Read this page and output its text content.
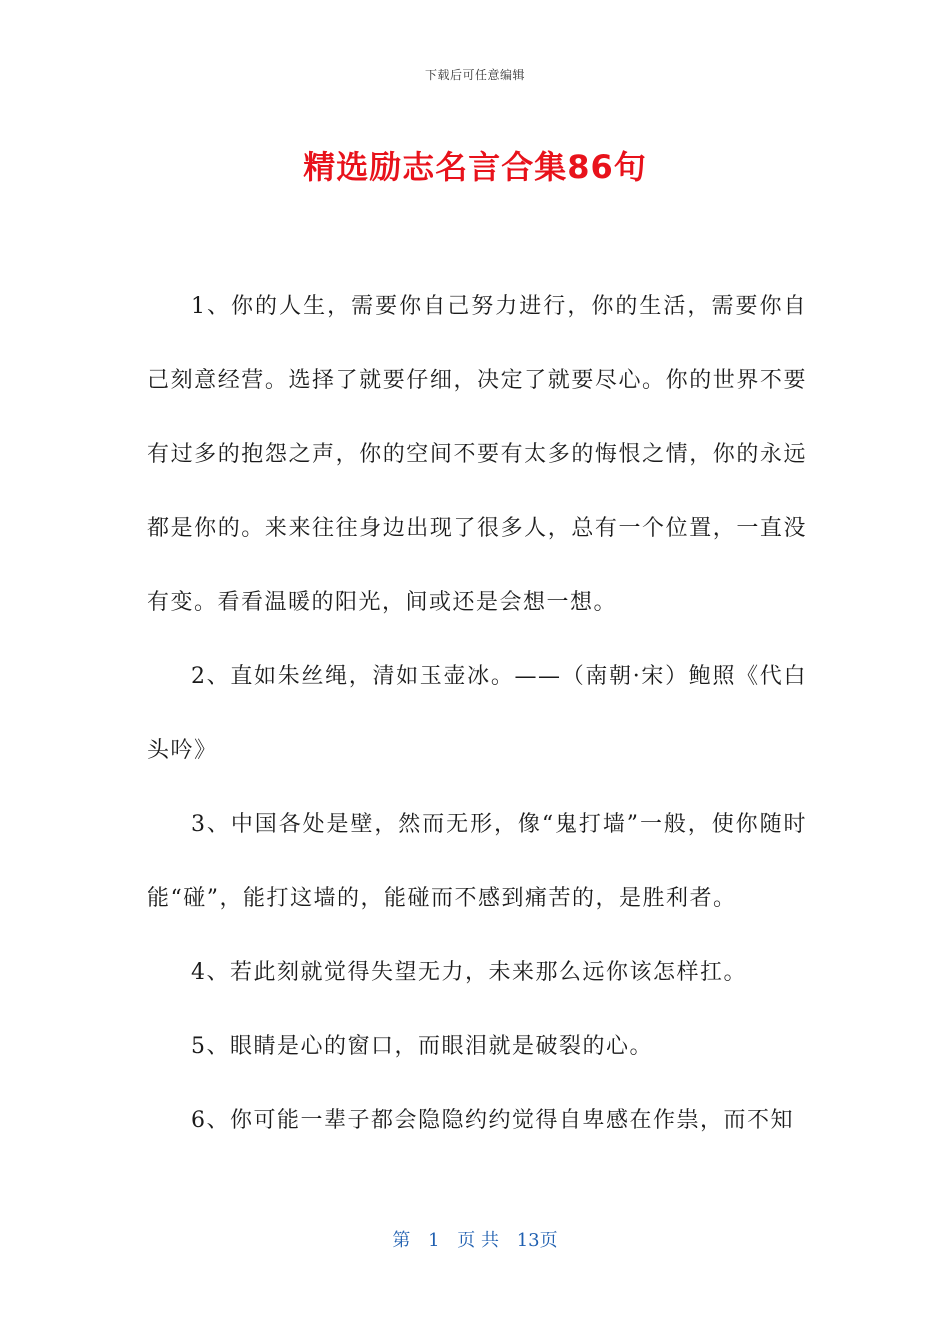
下载后可任意编辑
精选励志名言合集86句

1、你的人生，需要你自己努力进行，你的生活，需要你自己刻意经营。选择了就要仔细，决定了就要尽心。你的世界不要有过多的抱怨之声，你的空间不要有太多的悔恨之情，你的永远都是你的。来来往往身边出现了很多人，总有一个位置，一直没有变。看看温暖的阳光，间或还是会想一想。

2、直如朱丝绳，清如玉壶冰。——（南朝·宋）鲍照《代白头吟》

3、中国各处是壁，然而无形，像“鬼打墙”一般，使你随时能“碰”，能打这墙的，能碰而不感到痛苦的，是胜利者。

4、若此刻就觉得失望无力，未来那么远你该怎样扛。

5、眼睛是心的窗口，而眼泪就是破裂的心。

6、你可能一辈子都会隐隐约约觉得自卑感在作祟，而不知

第 1 页 共 13页
